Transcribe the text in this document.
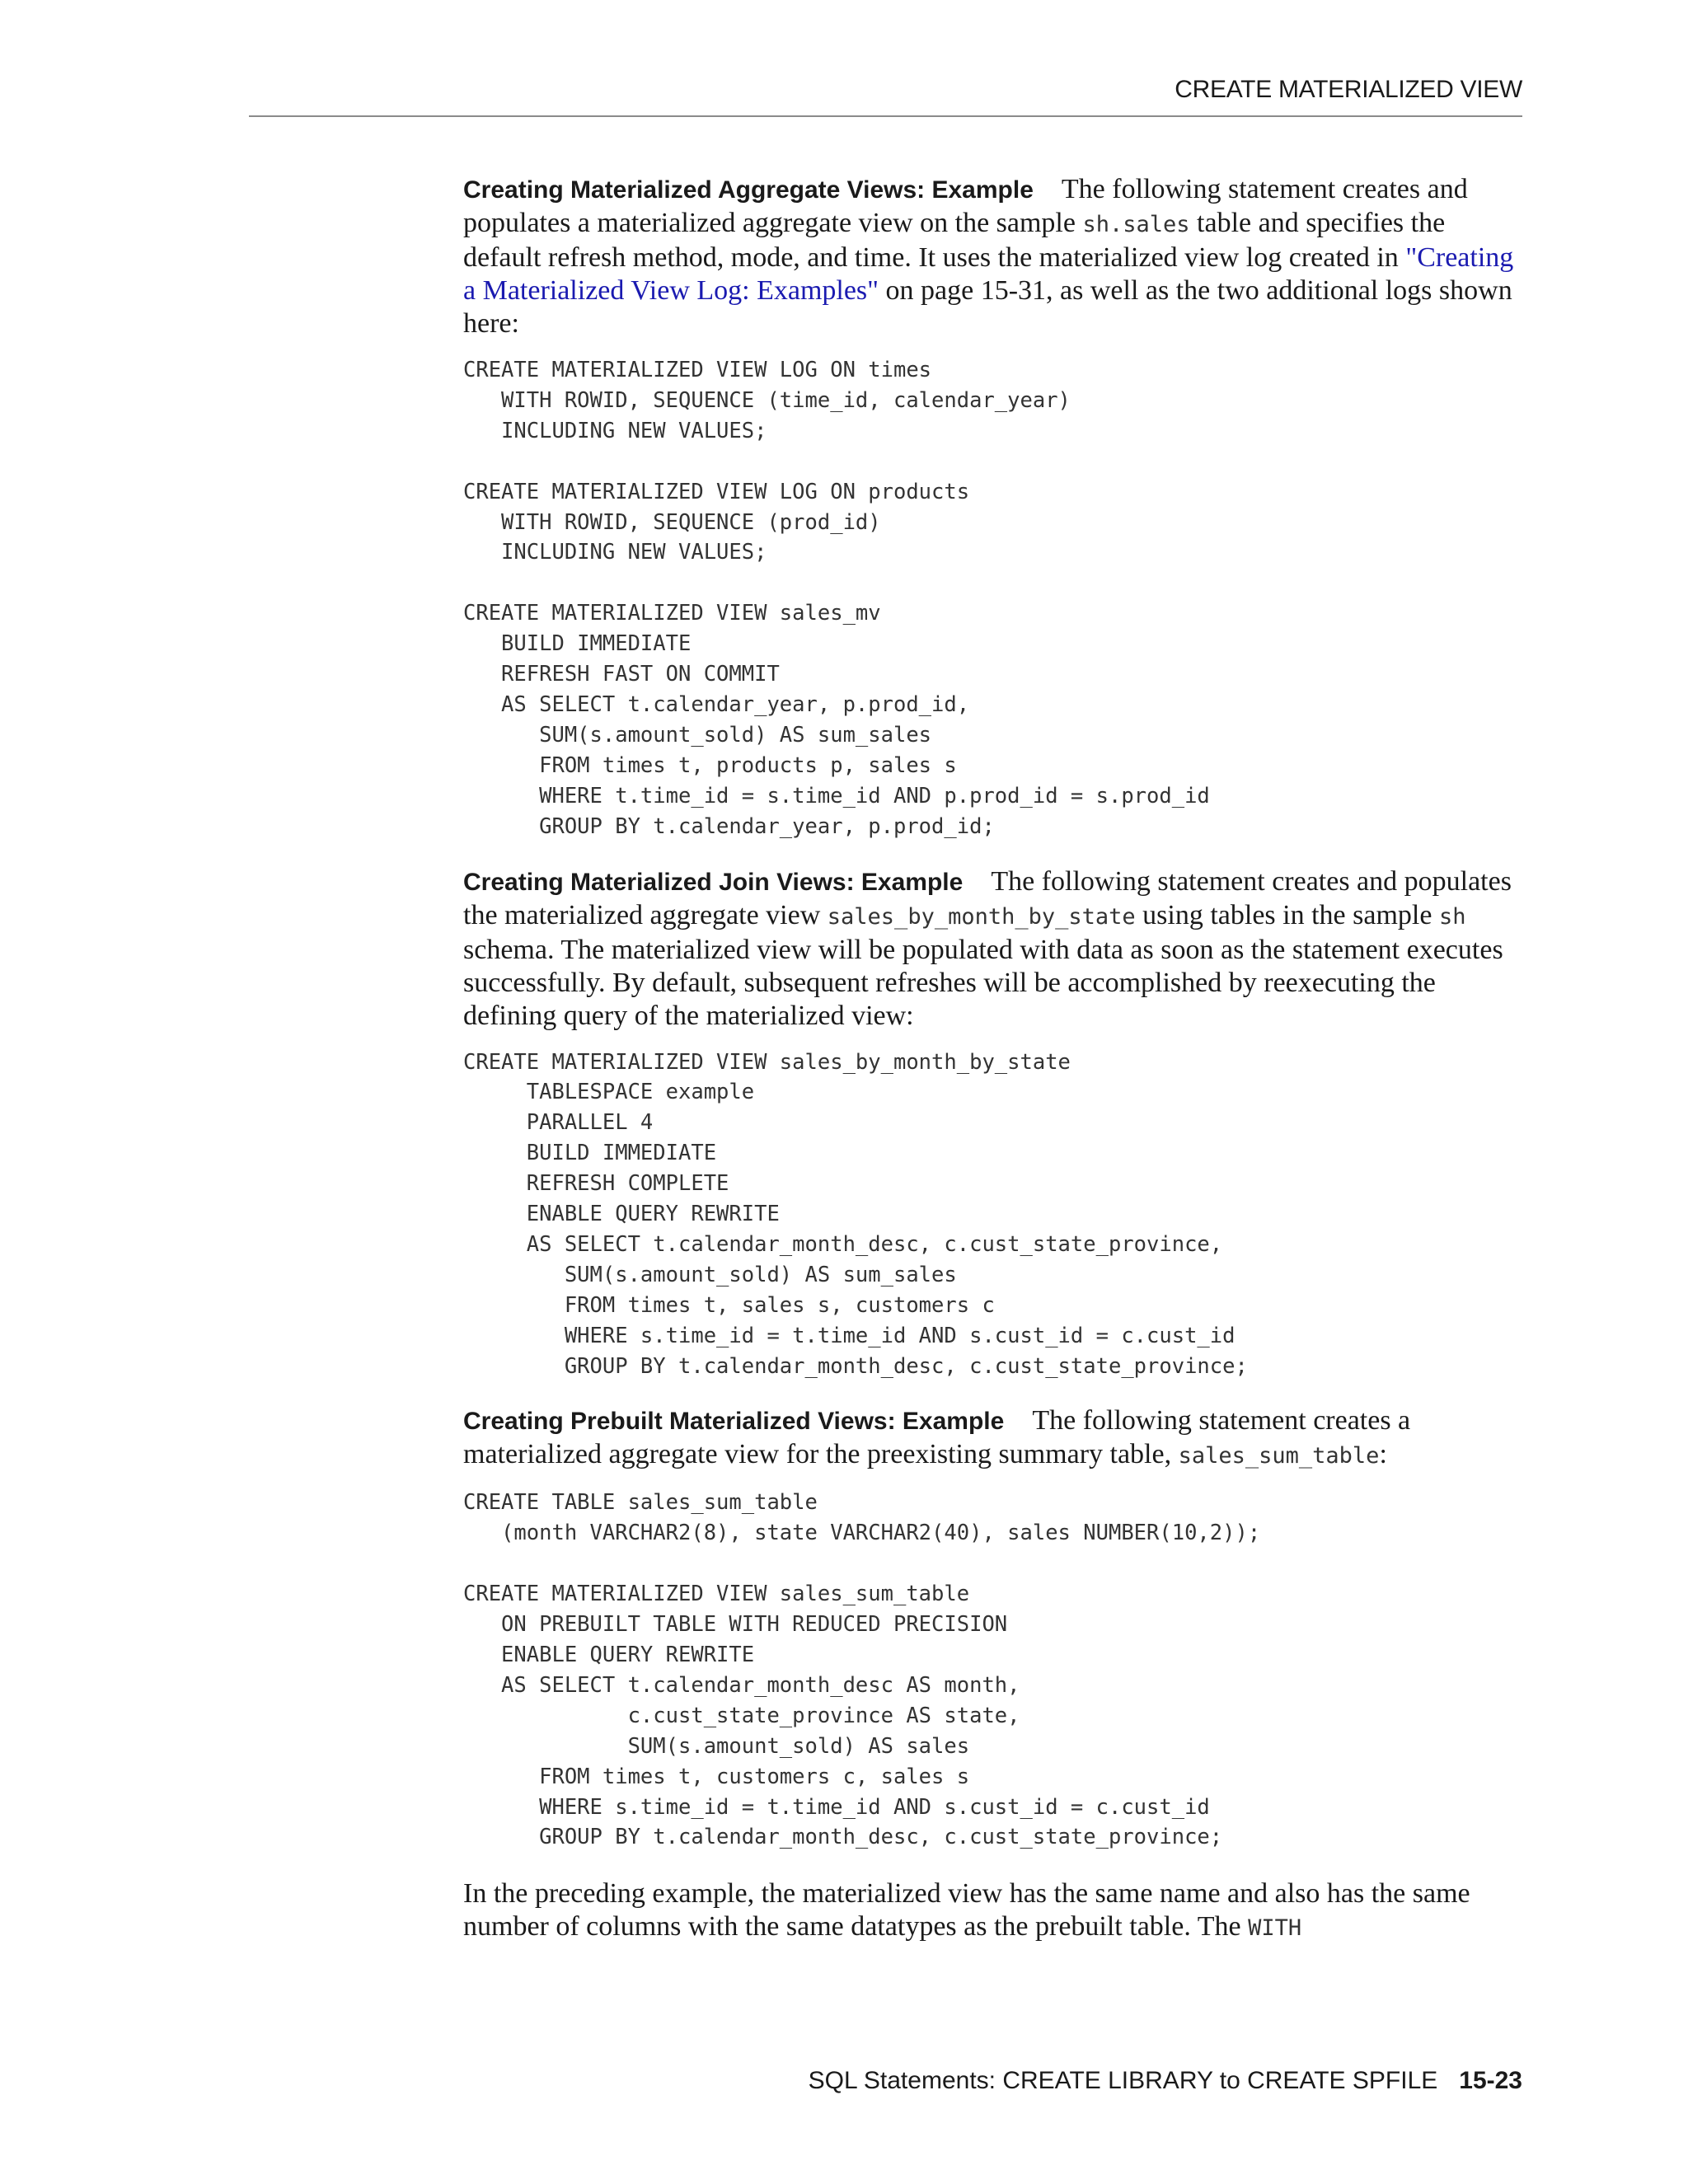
CREATE MATERIALIZED VIEW

Creating Materialized Aggregate Views: Example The following statement creates and populates a materialized aggregate view on the sample sh.sales table and specifies the default refresh method, mode, and time. It uses the materialized view log created in "Creating a Materialized View Log: Examples" on page 15-31, as well as the two additional logs shown here:

CREATE MATERIALIZED VIEW LOG ON times
WITH ROWID, SEQUENCE (time_id, calendar_year)
INCLUDING NEW VALUES;

CREATE MATERIALIZED VIEW LOG ON products
WITH ROWID, SEQUENCE (prod_id)
INCLUDING NEW VALUES;

CREATE MATERIALIZED VIEW sales_mv
BUILD IMMEDIATE
REFRESH FAST ON COMMIT
AS SELECT t.calendar_year, p.prod_id,
SUM(s.amount_sold) AS sum_sales
FROM times t, products p, sales s
WHERE t.time_id = s.time_id AND p.prod_id = s.prod_id
GROUP BY t.calendar_year, p.prod_id;

Creating Materialized Join Views: Example The following statement creates and populates the materialized aggregate view sales_by_month_by_state using tables in the sample sh schema. The materialized view will be populated with data as soon as the statement executes successfully. By default, subsequent refreshes will be accomplished by reexecuting the defining query of the materialized view:

CREATE MATERIALIZED VIEW sales_by_month_by_state
TABLESPACE example
PARALLEL 4
BUILD IMMEDIATE
REFRESH COMPLETE
ENABLE QUERY REWRITE
AS SELECT t.calendar_month_desc, c.cust_state_province,
SUM(s.amount_sold) AS sum_sales
FROM times t, sales s, customers c
WHERE s.time_id = t.time_id AND s.cust_id = c.cust_id
GROUP BY t.calendar_month_desc, c.cust_state_province;

Creating Prebuilt Materialized Views: Example The following statement creates a materialized aggregate view for the preexisting summary table, sales_sum_table:

CREATE TABLE sales_sum_table
(month VARCHAR2(8), state VARCHAR2(40), sales NUMBER(10,2));

CREATE MATERIALIZED VIEW sales_sum_table
ON PREBUILT TABLE WITH REDUCED PRECISION
ENABLE QUERY REWRITE
AS SELECT t.calendar_month_desc AS month,
c.cust_state_province AS state,
SUM(s.amount_sold) AS sales
FROM times t, customers c, sales s
WHERE s.time_id = t.time_id AND s.cust_id = c.cust_id
GROUP BY t.calendar_month_desc, c.cust_state_province;

In the preceding example, the materialized view has the same name and also has the same number of columns with the same datatypes as the prebuilt table. The WITH

SQL Statements: CREATE LIBRARY to CREATE SPFILE 15-23
